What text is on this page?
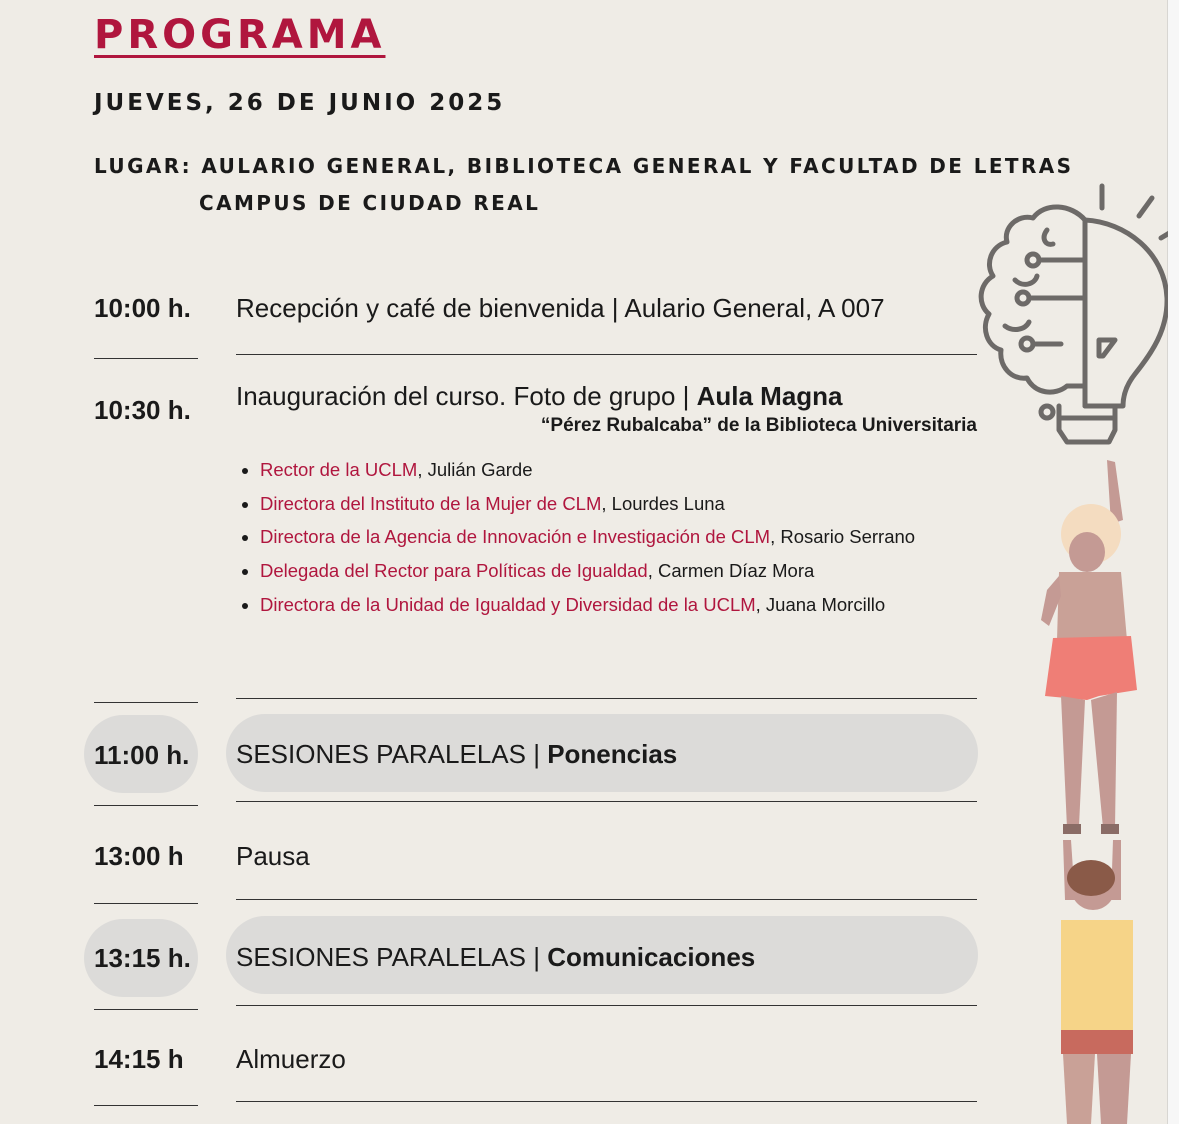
PROGRAMA
JUEVES, 26 DE JUNIO 2025
LUGAR: AULARIO GENERAL, BIBLIOTECA GENERAL Y FACULTAD DE LETRAS
CAMPUS DE CIUDAD REAL
10:00 h. Recepción y café de bienvenida | Aulario General, A 007
10:30 h. Inauguración del curso. Foto de grupo | Aula Magna
“Pérez Rubalcaba” de la Biblioteca Universitaria
• Rector de la UCLM, Julián Garde
• Directora del Instituto de la Mujer de CLM, Lourdes Luna
• Directora de la Agencia de Innovación e Investigación de CLM, Rosario Serrano
• Delegada del Rector para Políticas de Igualdad, Carmen Díaz Mora
• Directora de la Unidad de Igualdad y Diversidad de la UCLM, Juana Morcillo
11:00 h. SESIONES PARALELAS | Ponencias
13:00 h Pausa
13:15 h. SESIONES PARALELAS | Comunicaciones
14:15 h Almuerzo
